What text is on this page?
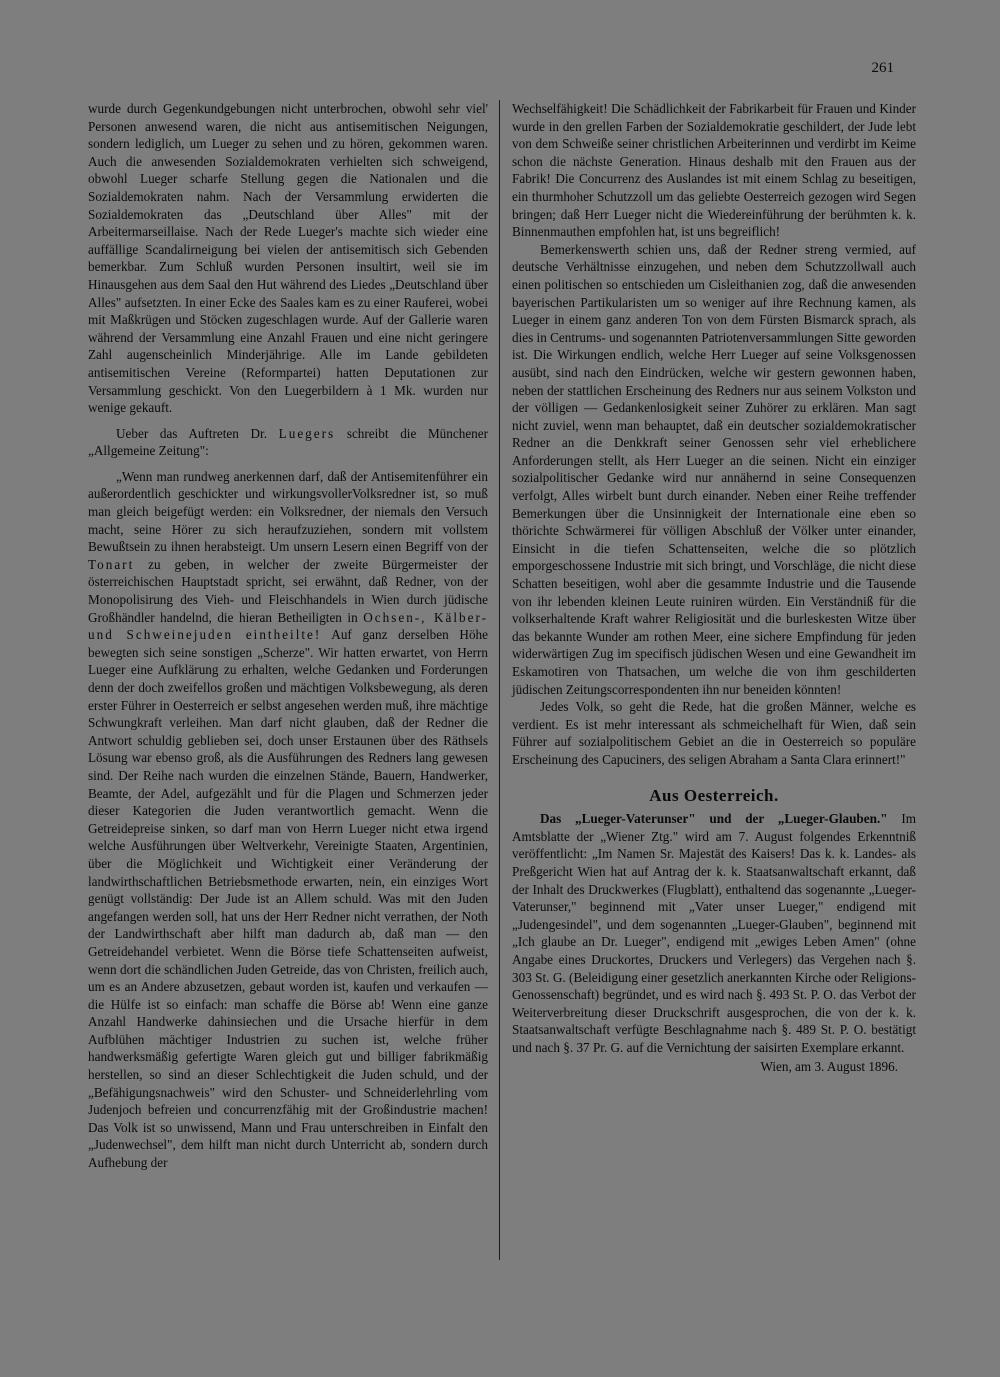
261

wurde durch Gegenkundgebungen nicht unterbrochen, obwohl sehr viel' Personen anwesend waren, die nicht aus antisemitischen Neigungen, sondern lediglich, um Lueger zu sehen und zu hören, gekommen waren. Auch die anwesenden Sozialdemokraten verhielten sich schweigend, obwohl Lueger scharfe Stellung gegen die Nationalen und die Sozialdemokraten nahm. Nach der Versammlung erwiderten die Sozialdemokraten das „Deutschland über Alles" mit der Arbeitermarseillaise. Nach der Rede Lueger's machte sich wieder eine auffällige Scandalirneigung bei vielen der antisemitisch sich Gebenden bemerkbar. Zum Schluß wurden Personen insultirt, weil sie im Hinausgehen aus dem Saal den Hut während des Liedes „Deutschland über Alles" aufsetzten. In einer Ecke des Saales kam es zu einer Rauferei, wobei mit Maßkrügen und Stöcken zugeschlagen wurde. Auf der Gallerie waren während der Versammlung eine Anzahl Frauen und eine nicht geringere Zahl augenscheinlich Minderjährige. Alle im Lande gebildeten antisemitischen Vereine (Reformpartei) hatten Deputationen zur Versammlung geschickt. Von den Luegerbildern à 1 Mk. wurden nur wenige gekauft.

Ueber das Auftreten Dr. Luegers schreibt die Münchener „Allgemeine Zeitung":

„Wenn man rundweg anerkennen darf, daß der Antisemitenführer ein außerordentlich geschickter und wirkungsvollerVolksredner ist, so muß man gleich beigefügt werden: ein Volksredner, der niemals den Versuch macht, seine Hörer zu sich heraufzuziehen, sondern mit vollstem Bewußtsein zu ihnen herabsteigt. Um unsern Lesern einen Begriff von der Tonart zu geben, in welcher der zweite Bürgermeister der österreichischen Hauptstadt spricht, sei erwähnt, daß Redner, von der Monopolisirung des Vieh- und Fleischhandels in Wien durch jüdische Großhändler handelnd, die hieran Betheiligten in Ochsen-, Kälber- und Schweinejuden eintheilte! Auf ganz derselben Höhe bewegten sich seine sonstigen „Scherze". Wir hatten erwartet, von Herrn Lueger eine Aufklärung zu erhalten, welche Gedanken und Forderungen denn der doch zweifellos großen und mächtigen Volksbewegung, als deren erster Führer in Oesterreich er selbst angesehen werden muß, ihre mächtige Schwungkraft verleihen. Man darf nicht glauben, daß der Redner die Antwort schuldig geblieben sei, doch unser Erstaunen über des Räthsels Lösung war ebenso groß, als die Ausführungen des Redners lang gewesen sind. Der Reihe nach wurden die einzelnen Stände, Bauern, Handwerker, Beamte, der Adel, aufgezählt und für die Plagen und Schmerzen jeder dieser Kategorien die Juden verantwortlich gemacht. Wenn die Getreidepreise sinken, so darf man von Herrn Lueger nicht etwa irgend welche Ausführungen über Weltverkehr, Vereinigte Staaten, Argentinien, über die Möglichkeit und Wichtigkeit einer Veränderung der landwirthschaftlichen Betriebsmethode erwarten, nein, ein einziges Wort genügt vollständig: Der Jude ist an Allem schuld. Was mit den Juden angefangen werden soll, hat uns der Herr Redner nicht verrathen, der Noth der Landwirthschaft aber hilft man dadurch ab, daß man — den Getreidehandel verbietet. Wenn die Börse tiefe Schattenseiten aufweist, wenn dort die schändlichen Juden Getreide, das von Christen, freilich auch, um es an Andere abzusetzen, gebaut worden ist, kaufen und verkaufen — die Hülfe ist so einfach: man schaffe die Börse ab! Wenn eine ganze Anzahl Handwerke dahinsiechen und die Ursache hierfür in dem Aufblühen mächtiger Industrien zu suchen ist, welche früher handwerksmäßig gefertigte Waren gleich gut und billiger fabrikmäßig herstellen, so sind an dieser Schlechtigkeit die Juden schuld, und der „Befähigungsnachweis" wird den Schuster- und Schneiderlehrling vom Judenjoch befreien und concurrenzfähig mit der Großindustrie machen! Das Volk ist so unwissend, Mann und Frau unterschreiben in Einfalt den „Judenwechsel", dem hilft man nicht durch Unterricht ab, sondern durch Aufhebung der

Wechselfähigkeit! Die Schädlichkeit der Fabrikarbeit für Frauen und Kinder wurde in den grellen Farben der Sozialdemokratie geschildert, der Jude lebt von dem Schweiße seiner christlichen Arbeiterinnen und verdirbt im Keime schon die nächste Generation. Hinaus deshalb mit den Frauen aus der Fabrik! Die Concurrenz des Auslandes ist mit einem Schlag zu beseitigen, ein thurmhoher Schutzzoll um das geliebte Oesterreich gezogen wird Segen bringen; daß Herr Lueger nicht die Wiedereinführung der berühmten k. k. Binnenmauthen empfohlen hat, ist uns begreiflich!

Bemerkenswerth schien uns, daß der Redner streng vermied, auf deutsche Verhältnisse einzugehen, und neben dem Schutzzollwall auch einen politischen so entschieden um Cisleithanien zog, daß die anwesenden bayerischen Partikularisten um so weniger auf ihre Rechnung kamen, als Lueger in einem ganz anderen Ton von dem Fürsten Bismarck sprach, als dies in Centrums- und sogenannten Patriotenversammlungen Sitte geworden ist. Die Wirkungen endlich, welche Herr Lueger auf seine Volksgenossen ausübt, sind nach den Eindrücken, welche wir gestern gewonnen haben, neben der stattlichen Erscheinung des Redners nur aus seinem Volkston und der völligen — Gedankenlosigkeit seiner Zuhörer zu erklären. Man sagt nicht zuviel, wenn man behauptet, daß ein deutscher sozialdemokratischer Redner an die Denkkraft seiner Genossen sehr viel erheblichere Anforderungen stellt, als Herr Lueger an die seinen. Nicht ein einziger sozialpolitischer Gedanke wird nur annähernd in seine Consequenzen verfolgt, Alles wirbelt bunt durch einander. Neben einer Reihe treffender Bemerkungen über die Unsinnigkeit der Internationale eine eben so thörichte Schwärmerei für völligen Abschluß der Völker unter einander, Einsicht in die tiefen Schattenseiten, welche die so plötzlich emporgeschossene Industrie mit sich bringt, und Vorschläge, die nicht diese Schatten beseitigen, wohl aber die gesammte Industrie und die Tausende von ihr lebenden kleinen Leute ruiniren würden. Ein Verständniß für die volkserhaltende Kraft wahrer Religiosität und die burleskesten Witze über das bekannte Wunder am rothen Meer, eine sichere Empfindung für jeden widerwärtigen Zug im specifisch jüdischen Wesen und eine Gewandheit im Eskamotiren von Thatsachen, um welche die von ihm geschilderten jüdischen Zeitungscorrespondenten ihn nur beneiden könnten!

Jedes Volk, so geht die Rede, hat die großen Männer, welche es verdient. Es ist mehr interessant als schmeichelhaft für Wien, daß sein Führer auf sozialpolitischem Gebiet an die in Oesterreich so populäre Erscheinung des Capuciners, des seligen Abraham a Santa Clara erinnert!"

Aus Oesterreich.

Das „Lueger-Vaterunser" und der „Lueger-Glauben." Im Amtsblatte der „Wiener Ztg." wird am 7. August folgendes Erkenntniß veröffentlicht: „Im Namen Sr. Majestät des Kaisers! Das k. k. Landes- als Preßgericht Wien hat auf Antrag der k. k. Staatsanwaltschaft erkannt, daß der Inhalt des Druckwerkes (Flugblatt), enthaltend das sogenannte „Lueger-Vaterunser," beginnend mit „Vater unser Lueger," endigend mit „Judengesindel", und dem sogenannten „Lueger-Glauben", beginnend mit „Ich glaube an Dr. Lueger", endigend mit „ewiges Leben Amen" (ohne Angabe eines Druckortes, Druckers und Verlegers) das Vergehen nach §. 303 St. G. (Beleidigung einer gesetzlich anerkannten Kirche oder Religions-Genossenschaft) begründet, und es wird nach §. 493 St. P. O. das Verbot der Weiterverbreitung dieser Druckschrift ausgesprochen, die von der k. k. Staatsanwaltschaft verfügte Beschlagnahme nach §. 489 St. P. O. bestätigt und nach §. 37 Pr. G. auf die Vernichtung der saisirten Exemplare erkannt.

Wien, am 3. August 1896.
